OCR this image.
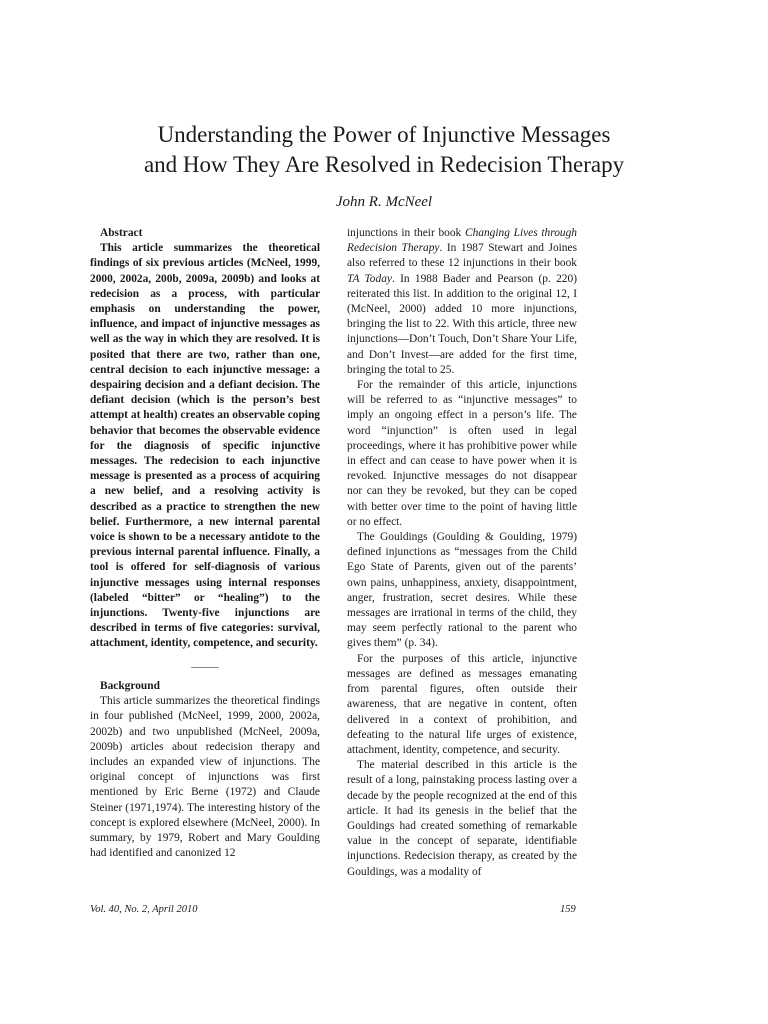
Understanding the Power of Injunctive Messages
and How They Are Resolved in Redecision Therapy
John R. McNeel

Abstract

This article summarizes the theoretical findings of six previous articles (McNeel, 1999, 2000, 2002a, 200b, 2009a, 2009b) and looks at redecision as a process, with particular emphasis on understanding the power, influence, and impact of injunctive messages as well as the way in which they are resolved. It is posited that there are two, rather than one, central decision to each injunctive message: a despairing decision and a defiant decision. The defiant decision (which is the person’s best attempt at health) creates an observable coping behavior that becomes the observable evidence for the diagnosis of specific injunctive messages. The redecision to each injunctive message is presented as a process of acquiring a new belief, and a resolving activity is described as a practice to strengthen the new belief. Furthermore, a new internal parental voice is shown to be a necessary antidote to the previous internal parental influence. Finally, a tool is offered for self-diagnosis of various injunctive messages using internal responses (labeled “bitter” or “healing”) to the injunctions. Twenty-five injunctions are described in terms of five categories: survival, attachment, identity, competence, and security.

_____

Background

This article summarizes the theoretical findings in four published (McNeel, 1999, 2000, 2002a, 2002b) and two unpublished (McNeel, 2009a, 2009b) articles about redecision therapy and includes an expanded view of injunctions. The original concept of injunctions was first mentioned by Eric Berne (1972) and Claude Steiner (1971,1974). The interesting history of the concept is explored elsewhere (McNeel, 2000). In summary, by 1979, Robert and Mary Goulding had identified and canonized 12

injunctions in their book Changing Lives through Redecision Therapy. In 1987 Stewart and Joines also referred to these 12 injunctions in their book TA Today. In 1988 Bader and Pearson (p. 220) reiterated this list. In addition to the original 12, I (McNeel, 2000) added 10 more injunctions, bringing the list to 22. With this article, three new injunctions—Don’t Touch, Don’t Share Your Life, and Don’t Invest—are added for the first time, bringing the total to 25.

For the remainder of this article, injunctions will be referred to as “injunctive messages” to imply an ongoing effect in a person’s life. The word “injunction” is often used in legal proceedings, where it has prohibitive power while in effect and can cease to have power when it is revoked. Injunctive messages do not disappear nor can they be revoked, but they can be coped with better over time to the point of having little or no effect.

The Gouldings (Goulding & Goulding, 1979) defined injunctions as “messages from the Child Ego State of Parents, given out of the parents’ own pains, unhappiness, anxiety, disappointment, anger, frustration, secret desires. While these messages are irrational in terms of the child, they may seem perfectly rational to the parent who gives them” (p. 34).

For the purposes of this article, injunctive messages are defined as messages emanating from parental figures, often outside their awareness, that are negative in content, often delivered in a context of prohibition, and defeating to the natural life urges of existence, attachment, identity, competence, and security.

The material described in this article is the result of a long, painstaking process lasting over a decade by the people recognized at the end of this article. It had its genesis in the belief that the Gouldings had created something of remarkable value in the concept of separate, identifiable injunctions. Redecision therapy, as created by the Gouldings, was a modality of

Vol. 40, No. 2, April 2010	159
